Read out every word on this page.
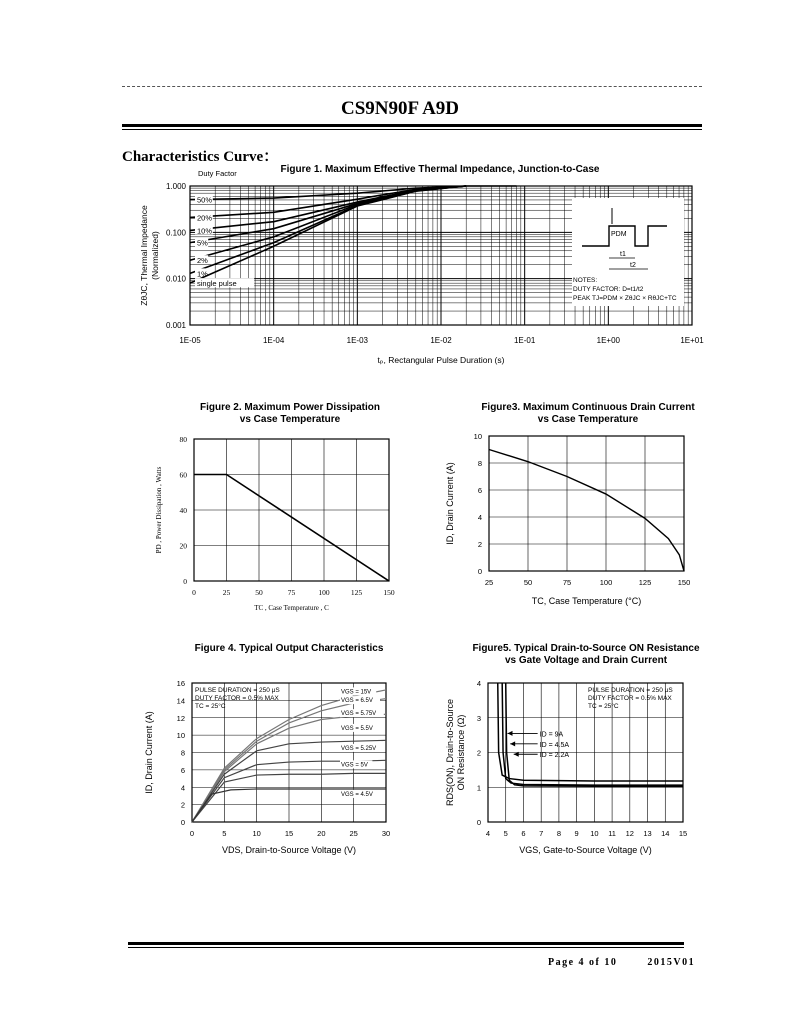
CS9N90F A9D
Characteristics Curve：
Figure 1. Maximum Effective Thermal Impedance, Junction-to-Case
1E-05	1E-04	1E-03	1E-02	1E-01	1E+00	1E+01
1.000
0.100
0.010
0.001
Duty Factor
50%
20%
10%
5%
2%
1%
single pulse
PDM
t1
t2
NOTES:
DUTY FACTOR: D=t1/t2
PEAK TJ=PDM × ZθJC × RθJC+TC
tₚ, Rectangular Pulse Duration (s)
ZθJC, Thermal Impedance (Normalized)
Figure 2. Maximum Power Dissipation
vs Case Temperature
0	25	50	75	100	125	150
0
20
40
60
80
TC , Case Temperature , C
PD , Power Dissipation , Watts
Figure3. Maximum Continuous Drain Current
vs Case Temperature
25	50	75	100	125	150
0
2
4
6
8
10
TC, Case Temperature (°C)
ID, Drain Current (A)
Figure 4. Typical Output Characteristics
0	5	10	15	20	25	30
0
2
4
6
8
10
12
14
16
VDS, Drain-to-Source Voltage (V)
ID, Drain Current (A)
PULSE DURATION = 250 μS
DUTY FACTOR = 0.5% MAX
TC = 25°C
VGS = 15V
VGS = 6.5V
VGS = 5.75V
VGS = 5.5V
VGS = 5.25V
VGS = 5V
VGS = 4.5V
Figure5. Typical Drain-to-Source ON Resistance
vs Gate Voltage and Drain Current
4 5 6 7 8 9 10 11 12 13 14 15
0
1
2
3
4
VGS, Gate-to-Source Voltage (V)
RDS(ON), Drain-to-Source ON Resistance (Ω)
PULSE DURATION = 250 μS
DUTY FACTOR = 0.5% MAX
TC = 25°C
ID = 9A
ID = 4.5A
ID = 2.2A
Page 4 of 10	2015V01
